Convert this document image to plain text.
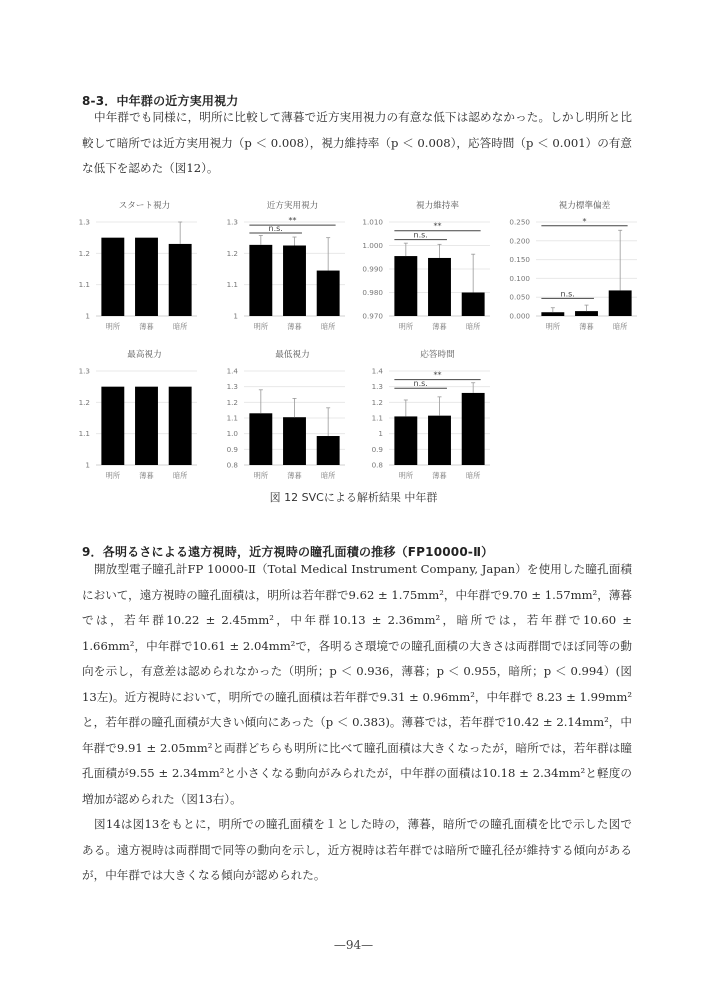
8-3．中年群の近方実用視力

中年群でも同様に，明所に比較して薄暮で近方実用視力の有意な低下は認めなかった。しかし明所と比較して暗所では近方実用視力（p ＜ 0.008），視力維持率（p ＜ 0.008），応答時間（p ＜ 0.001）の有意な低下を認めた（図12）。

スタート視力
1
1.1
1.2
1.3
明所	薄暮	暗所
近方実用視力
1
1.1
1.2
1.3
明所	薄暮	暗所
n.s.
**
視力維持率
0.970
0.980
0.990
1.000
1.010
明所	薄暮	暗所
n.s.
**
視力標準偏差
0.000
0.050
0.100
0.150
0.200
0.250
明所	薄暮	暗所
n.s.
*
最高視力
1
1.1
1.2
1.3
明所	薄暮	暗所
最低視力
0.8
0.9
1.0
1.1
1.2
1.3
1.4
明所	薄暮	暗所
応答時間
0.8
0.9
1
1.1
1.2
1.3
1.4
明所	薄暮	暗所
n.s.
**
図 12 SVCによる解析結果 中年群
9．各明るさによる遠方視時，近方視時の瞳孔面積の推移（FP10000-Ⅱ）

開放型電子瞳孔計FP 10000-Ⅱ（Total Medical Instrument Company, Japan）を使用した瞳孔面積において，遠方視時の瞳孔面積は，明所は若年群で9.62 ± 1.75mm²，中年群で9.70 ± 1.57mm²，薄暮では，若年群10.22 ± 2.45mm²，中年群10.13 ± 2.36mm²，暗所では，若年群で10.60 ± 1.66mm²，中年群で10.61 ± 2.04mm²で，各明るさ環境での瞳孔面積の大きさは両群間でほぼ同等の動向を示し，有意差は認められなかった（明所；p ＜ 0.936，薄暮；p ＜ 0.955，暗所；p ＜ 0.994）(図13左)。近方視時において，明所での瞳孔面積は若年群で9.31 ± 0.96mm²，中年群で 8.23 ± 1.99mm²と，若年群の瞳孔面積が大きい傾向にあった（p ＜ 0.383)。薄暮では，若年群で10.42 ± 2.14mm²，中年群で9.91 ± 2.05mm²と両群どちらも明所に比べて瞳孔面積は大きくなったが，暗所では，若年群は瞳孔面積が9.55 ± 2.34mm²と小さくなる動向がみられたが，中年群の面積は10.18 ± 2.34mm²と軽度の増加が認められた（図13右）。

図14は図13をもとに，明所での瞳孔面積を１とした時の，薄暮，暗所での瞳孔面積を比で示した図である。遠方視時は両群間で同等の動向を示し，近方視時は若年群では暗所で瞳孔径が維持する傾向があるが，中年群では大きくなる傾向が認められた。

—94—
